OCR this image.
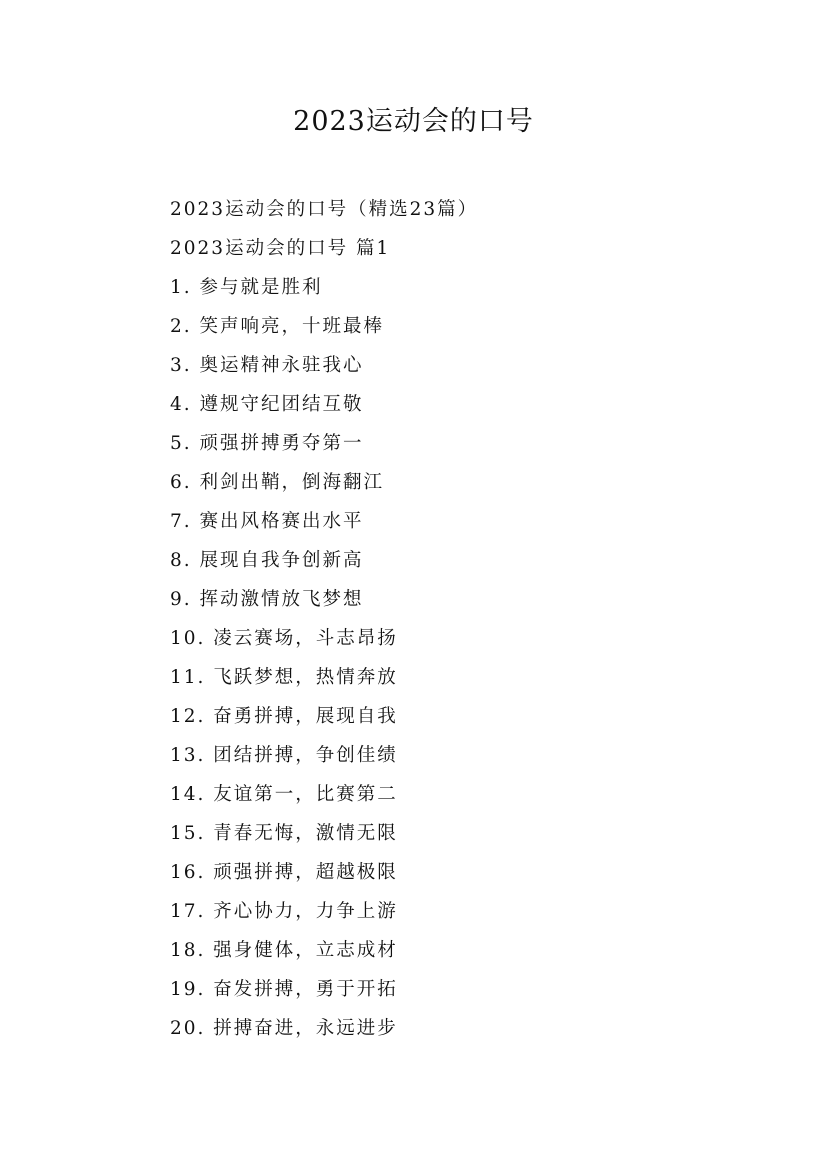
2023运动会的口号
2023运动会的口号（精选23篇）
2023运动会的口号 篇1
1. 参与就是胜利
2. 笑声响亮，十班最棒
3. 奥运精神永驻我心
4. 遵规守纪团结互敬
5. 顽强拼搏勇夺第一
6. 利剑出鞘，倒海翻江
7. 赛出风格赛出水平
8. 展现自我争创新高
9. 挥动激情放飞梦想
10. 凌云赛场，斗志昂扬
11. 飞跃梦想，热情奔放
12. 奋勇拼搏，展现自我
13. 团结拼搏，争创佳绩
14. 友谊第一，比赛第二
15. 青春无悔，激情无限
16. 顽强拼搏，超越极限
17. 齐心协力，力争上游
18. 强身健体，立志成材
19. 奋发拼搏，勇于开拓
20. 拼搏奋进，永远进步
